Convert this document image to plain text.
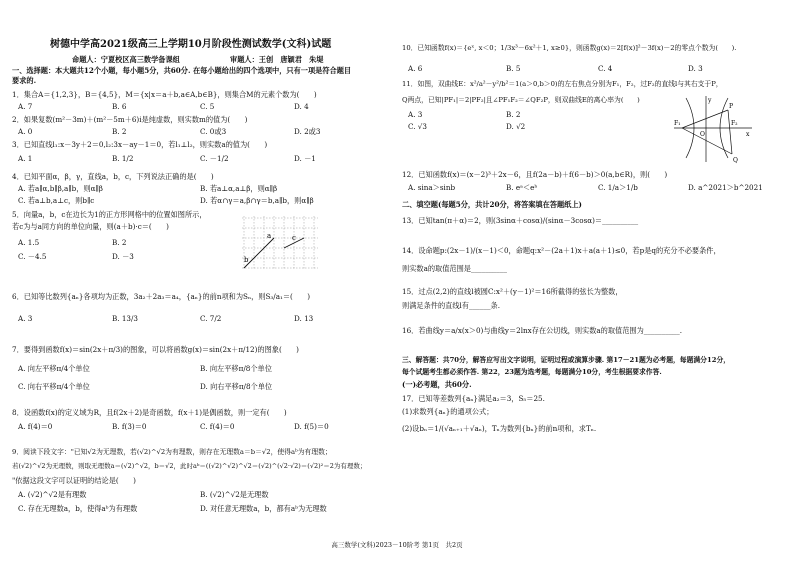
树德中学高2021级高三上学期10月阶段性测试数学(文科)试题
命题人：宁夏校区高三数学备课组	审题人：王创　唐颖君　朱堤
一、选择题：本大题共12个小题，每小题5分，共60分. 在每小题给出的四个选项中，只有一项是符合题目
要求的.
1．集合A＝{1,2,3}，B＝{4,5}，M＝{x|x＝a＋b,a∈A,b∈B}，则集合M的元素个数为(　　)
A. 7	B. 6	C. 5	D. 4
2．如果复数(m²－3m)＋(m²－5m＋6)i是纯虚数，则实数m的值为(　　)
A. 0	B. 2	C. 0或3	D. 2或3
3．已知直线l₁:x－3y＋2＝0,l₂:3x－ay－1＝0，若l₁⊥l₂，则实数a的值为(　　)
A. 1	B. 1/2	C. －1/2	D. －1
4．已知平面α，β，γ，直线a，b，c，下列说法正确的是(　　)
A. 若a∥α,b∥β,a∥b，则α∥β	B. 若a⊥α,a⊥β，则α∥β
C. 若a⊥b,a⊥c，则b∥c	D. 若α∩γ＝a,β∩γ＝b,a∥b，则α∥β
5．向量a，b，c在边长为1的正方形网格中的位置如图所示，
若c为与a同方向的单位向量，则(a＋b)·c＝(　　)
A. 1.5	B. 2
C. －4.5	D. －3
a
b
c
6．已知等比数列{aₙ}各项均为正数，3a₂＋2a₃＝a₄，{aₙ}的前n项和为Sₙ，则S₃/a₁＝(　　)
A. 3	B. 13/3	C. 7/2	D. 13
7．要得到函数f(x)＝sin(2x＋π/3)的图象，可以将函数g(x)＝sin(2x＋π/12)的图象(　　)
A. 向左平移π/4个单位	B. 向左平移π/8个单位
C. 向右平移π/4个单位	D. 向右平移π/8个单位
8．设函数f(x)的定义域为R，且f(2x＋2)是奇函数，f(x＋1)是偶函数，则一定有(　　)
A. f(4)＝0	B. f(3)＝0	C. f(4)＝0	D. f(5)＝0
9．阅读下段文字："已知√2为无理数，若(√2)^√2为有理数，则存在无理数a＝b＝√2，使得aᵇ为有理数；
若(√2)^√2为无理数，则取无理数a＝(√2)^√2，b＝√2，此时aᵇ＝((√2)^√2)^√2＝(√2)^(√2·√2)＝(√2)²＝2为有理数；
"依据这段文字可以证明的结论是(　　)
A. (√2)^√2是有理数	B. (√2)^√2是无理数
C. 存在无理数a，b，使得aᵇ为有理数	D. 对任意无理数a，b，都有aᵇ为无理数
10．已知函数f(x)＝{eˣ, x＜0；1/3x³－6x²＋1, x≥0}，则函数g(x)＝2[f(x)]²－3f(x)－2的零点个数为(　　).
A. 6	B. 5	C. 4	D. 3
11．如图，双曲线E：x²/a²－y²/b²＝1(a＞0,b＞0)的左右焦点分别为F₁，F₂，过F₂的直线l与其右支于P，
Q两点，已知|PF₁|＝2|PF₂|且∠PF₁F₂＝∠QF₂P，则双曲线E的离心率为(　　)
A. 3	B. 2
C. √3	D. √2
y
P
F₁
O
F₂
x
Q
12．已知函数f(x)＝(x－2)³＋2x－6，且f(2a－b)＋f(6－b)＞0(a,b∈R)，则(　　)
A. sina＞sinb	B. eᵃ＜eᵇ	C. 1/a＞1/b	D. a^2021＞b^2021
二、填空题(每题5分，共计20分，将答案填在答题纸上)
13．已知tan(π＋α)＝2，则(3sinα＋cosα)/(sinα－3cosα)＝__________
14．设命题p:(2x－1)/(x－1)＜0，命题q:x²－(2a＋1)x＋a(a＋1)≤0，若p是q的充分不必要条件，
则实数a的取值范围是__________
15．过点(2,2)的直线l被圆C:x²＋(y－1)²＝16所截得的弦长为整数，
则满足条件的直线l有______条.
16．若曲线y＝a/x(x＞0)与曲线y＝2lnx存在公切线，则实数a的取值范围为__________.
三、解答题：共70分，解答应写出文字说明，证明过程或演算步骤. 第17－21题为必考题，每题满分12分，
每个试题考生都必须作答. 第22，23题为选考题，每题满分10分，考生根据要求作答.
(一)必考题，共60分.
17．已知等差数列{aₙ}满足a₂＝3，S₅＝25.
(1)求数列{aₙ}的通项公式；
(2)设bₙ＝1/(√aₙ₊₁＋√aₙ)，Tₙ为数列{bₙ}的前n项和，求Tₙ.
高三数学(文科)2023－10阶考 第1页　共2页
